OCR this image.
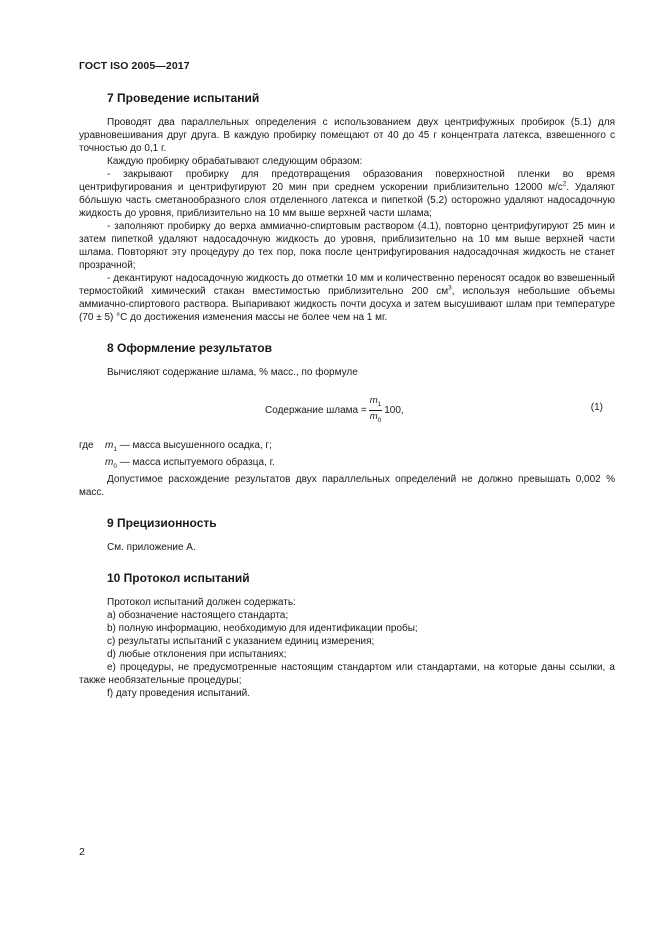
ГОСТ ISO 2005—2017
7 Проведение испытаний

Проводят два параллельных определения с использованием двух центрифужных пробирок (5.1) для уравновешивания друг друга. В каждую пробирку помещают от 40 до 45 г концентрата латекса, взвешенного с точностью до 0,1 г.

Каждую пробирку обрабатывают следующим образом:

- закрывают пробирку для предотвращения образования поверхностной пленки во время центрифугирования и центрифугируют 20 мин при среднем ускорении приблизительно 12000 $м/с^2$. Удаляют бо́льшую часть сметанообразного слоя отделенного латекса и пипеткой (5.2) осторожно удаляют надосадочную жидкость до уровня, приблизительно на 10 мм выше верхней части шлама;

- заполняют пробирку до верха аммиачно-спиртовым раствором (4.1), повторно центрифугируют 25 мин и затем пипеткой удаляют надосадочную жидкость до уровня, приблизительно на 10 мм выше верхней части шлама. Повторяют эту процедуру до тех пор, пока после центрифугирования надосадочная жидкость не станет прозрачной;

- декантируют надосадочную жидкость до отметки 10 мм и количественно переносят осадок во взвешенный термостойкий химический стакан вместимостью приблизительно 200 $см^3$, используя небольшие объемы аммиачно-спиртового раствора. Выпаривают жидкость почти досуха и затем высушивают шлам при температуре (70 ± 5) °С до достижения изменения массы не более чем на 1 мг.

8 Оформление результатов

Вычисляют содержание шлама, % масс., по формуле

Содержание шлама = $\frac{m_1}{m_0} 100$,	(1)
где	$m_1$ — масса высушенного осадка, г;
$m_0$ — масса испытуемого образца, г.

Допустимое расхождение результатов двух параллельных определений не должно превышать 0,002 % масс.

9 Прецизионность

См. приложение А.

10 Протокол испытаний

Протокол испытаний должен содержать:

a) обозначение настоящего стандарта;

b) полную информацию, необходимую для идентификации пробы;

c) результаты испытаний с указанием единиц измерения;

d) любые отклонения при испытаниях;

e) процедуры, не предусмотренные настоящим стандартом или стандартами, на которые даны ссылки, а также необязательные процедуры;

f) дату проведения испытаний.

2
